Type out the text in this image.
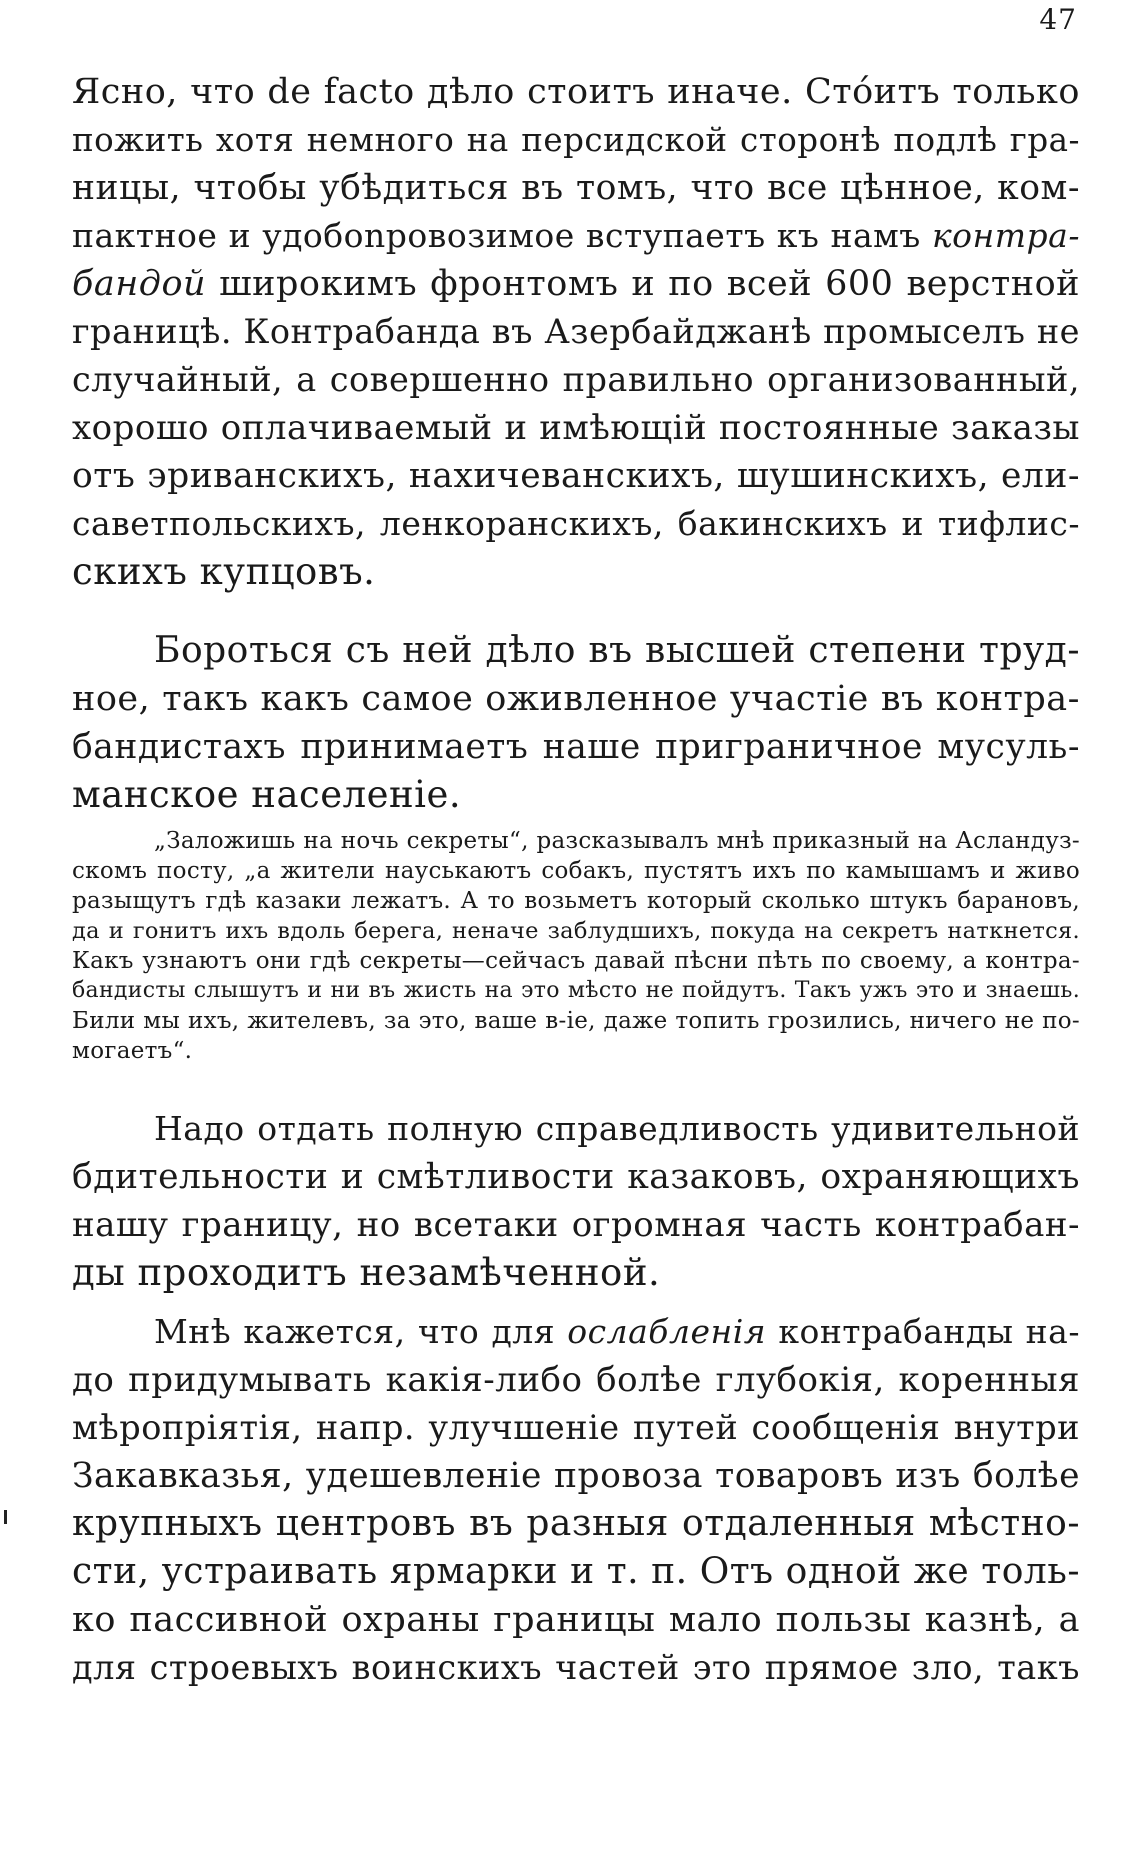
47
Ясно, что de facto дѣло стоитъ иначе. Стóитъ только
пожить хотя немного на персидской сторонѣ подлѣ гра-
ницы, чтобы убѣдиться въ томъ, что все цѣнное, ком-
пактное и удобоnровозимое вступаетъ къ намъ контра-
бандой широкимъ фронтомъ и по всей 600 верстной
границѣ. Контрабанда въ Азербайджанѣ промыселъ не
случайный, а совершенно правильно организованный,
хорошо оплачиваемый и имѣющій постоянные заказы
отъ эриванскихъ, нахичеванскихъ, шушинскихъ, ели-
саветпольскихъ, ленкоранскихъ, бакинскихъ и тифлис-
скихъ купцовъ.
Бороться съ ней дѣло въ высшей степени труд-
ное, такъ какъ самое оживленное участіе въ контра-
бандистахъ принимаетъ наше приграничное мусуль-
манское населеніе.
„Заложишь на ночь секреты“, разсказывалъ мнѣ приказный на Асландуз-
скомъ посту, „а жители науськаютъ собакъ, пустятъ ихъ по камышамъ и живо
разыщутъ гдѣ казаки лежатъ. А то возьметъ который сколько штукъ барановъ,
да и гонитъ ихъ вдоль берега, неначе заблудшихъ, покуда на секретъ наткнется.
Какъ узнаютъ они гдѣ секреты—сейчасъ давай пѣсни пѣть по своему, а контра-
бандисты слышутъ и ни въ жисть на это мѣсто не пойдутъ. Такъ ужъ это и знаешь.
Били мы ихъ, жителевъ, за это, ваше в-іе, даже топить грозились, ничего не по-
могаетъ“.
Надо отдать полную справедливость удивительной
бдительности и смѣтливости казаковъ, охраняющихъ
нашу границу, но всетаки огромная часть контрабан-
ды проходитъ незамѣченной.
Мнѣ кажется, что для ослабленія контрабанды на-
до придумывать какія-либо болѣе глубокія, коренныя
мѣропріятія, напр. улучшеніе путей сообщенія внутри
Закавказья, удешевленіе провоза товаровъ изъ болѣе
крупныхъ центровъ въ разныя отдаленныя мѣстно-
сти, устраивать ярмарки и т. п. Отъ одной же толь-
ко пассивной охраны границы мало пользы казнѣ, а
для строевыхъ воинскихъ частей это прямое зло, такъ
